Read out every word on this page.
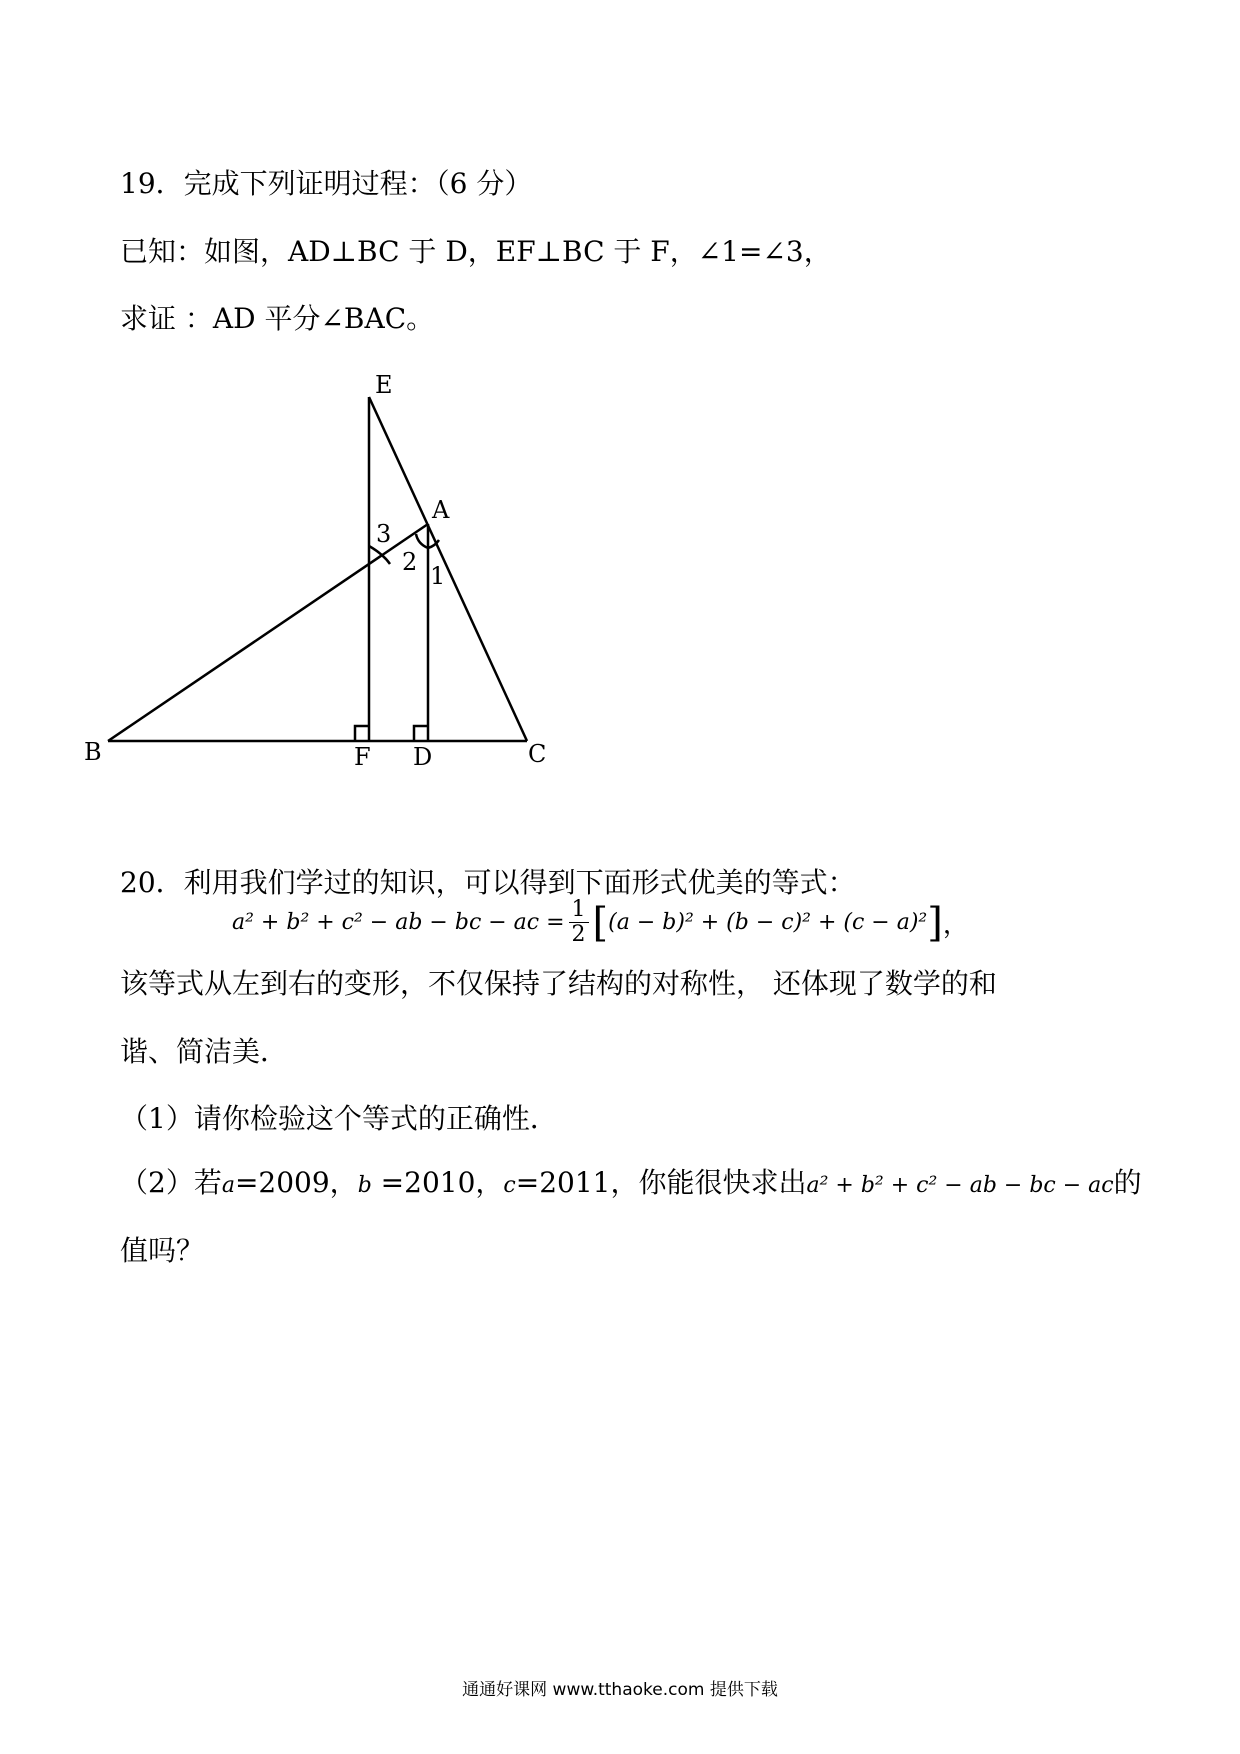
19．完成下列证明过程：（6 分）
已知：如图，AD⊥BC 于 D，EF⊥BC 于 F，∠1=∠3，
求证 ：AD 平分∠BAC。
E
A
B	C
F D
3
2 1
20．利用我们学过的知识，可以得到下面形式优美的等式：
a² + b² + c² − ab − bc − ac = $\frac{1}{2}$ [ (a − b)² + (b − c)² + (c − a)² ] ，
该等式从左到右的变形，不仅保持了结构的对称性， 还体现了数学的和
谐、简洁美．
（1）请你检验这个等式的正确性．
（2）若a=2009，b =2010，c=2011，你能很快求出a² + b² + c² − ab − bc − ac的
值吗？
通通好课网 www.tthaoke.com 提供下载
